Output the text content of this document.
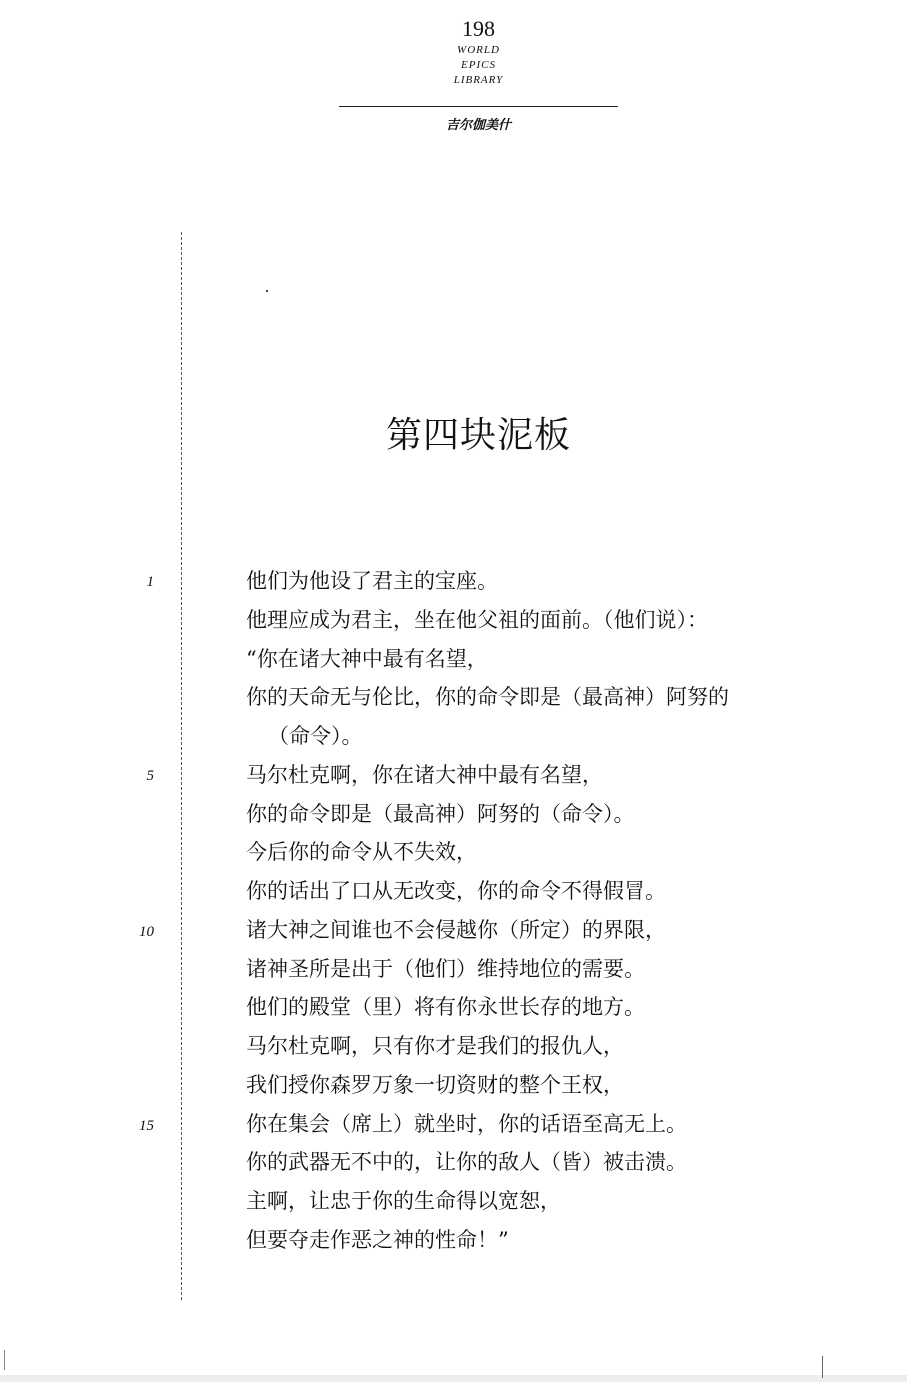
198
WORLD
EPICS
LIBRARY
吉尔伽美什
第四块泥板
1
5
10
15
他们为他设了君主的宝座。
他理应成为君主，坐在他父祖的面前。（他们说）：
“你在诸大神中最有名望，
你的天命无与伦比，你的命令即是（最高神）阿努的
（命令）。
马尔杜克啊，你在诸大神中最有名望，
你的命令即是（最高神）阿努的（命令）。
今后你的命令从不失效，
你的话出了口从无改变，你的命令不得假冒。
诸大神之间谁也不会侵越你（所定）的界限，
诸神圣所是出于（他们）维持地位的需要。
他们的殿堂（里）将有你永世长存的地方。
马尔杜克啊，只有你才是我们的报仇人，
我们授你森罗万象一切资财的整个王权，
你在集会（席上）就坐时，你的话语至高无上。
你的武器无不中的，让你的敌人（皆）被击溃。
主啊，让忠于你的生命得以宽恕，
但要夺走作恶之神的性命！”
